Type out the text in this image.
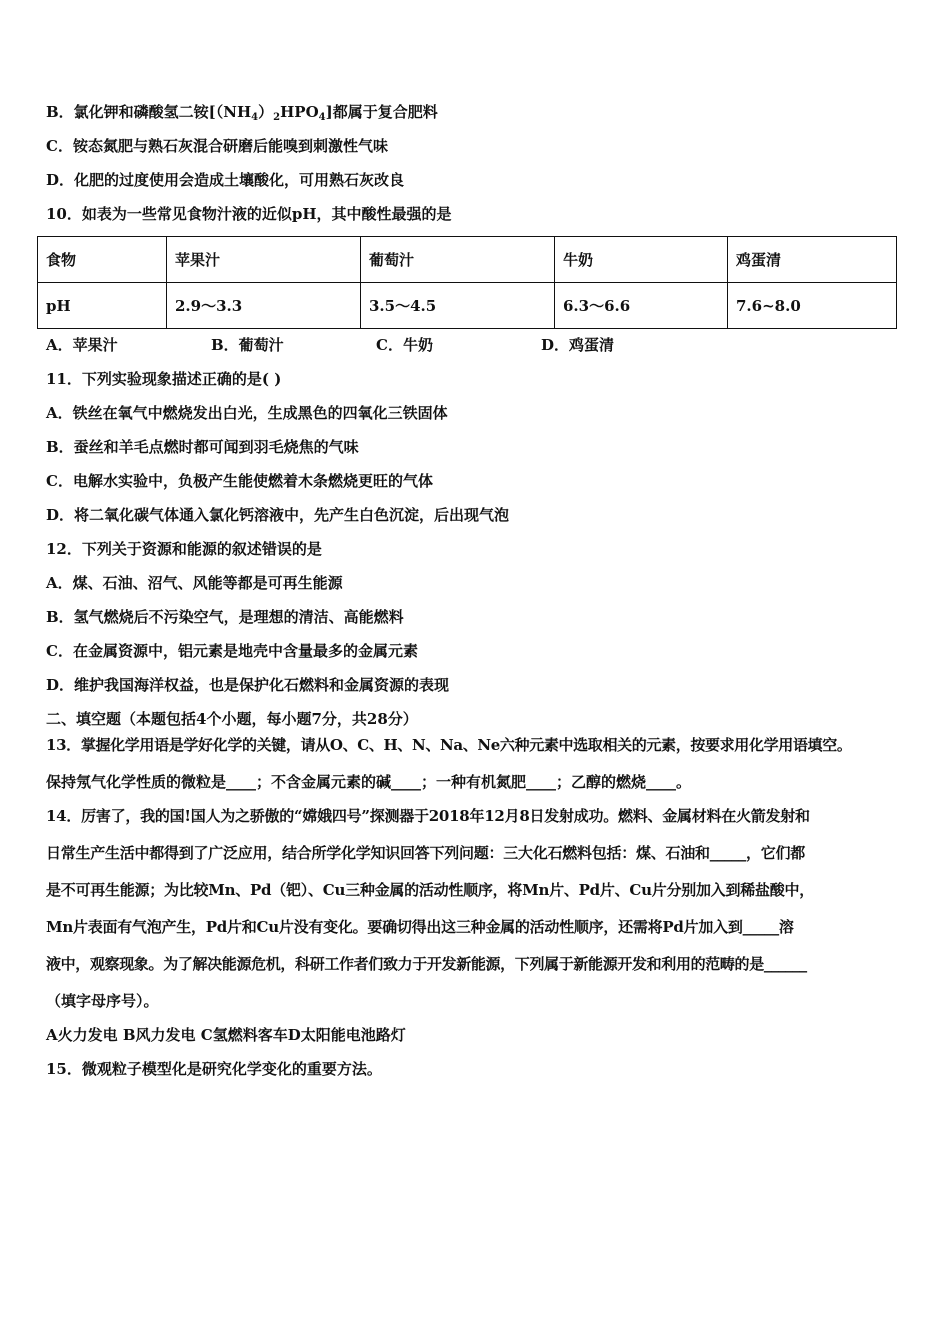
B．氯化钾和磷酸氢二铵$[(NH_4)_2HPO_4]$都属于复合肥料
C．铵态氮肥与熟石灰混合研磨后能嗅到刺激性气味
D．化肥的过度使用会造成土壤酸化，可用熟石灰改良
10．如表为一些常见食物汁液的近似pH，其中酸性最强的是
食物	苹果汁	葡萄汁	牛奶	鸡蛋清
pH	2.9～3.3	3.5～4.5	6.3～6.6	7.6~8.0
A．苹果汁	B．葡萄汁	C．牛奶	D．鸡蛋清
11．下列实验现象描述正确的是( )
A．铁丝在氧气中燃烧发出白光，生成黑色的四氧化三铁固体
B．蚕丝和羊毛点燃时都可闻到羽毛烧焦的气味
C．电解水实验中，负极产生能使燃着木条燃烧更旺的气体
D．将二氧化碳气体通入氯化钙溶液中，先产生白色沉淀，后出现气泡
12．下列关于资源和能源的叙述错误的是
A．煤、石油、沼气、风能等都是可再生能源
B．氢气燃烧后不污染空气，是理想的清洁、高能燃料
C．在金属资源中，铝元素是地壳中含量最多的金属元素
D．维护我国海洋权益，也是保护化石燃料和金属资源的表现
二、填空题（本题包括4个小题，每小题7分，共28分）
13．掌握化学用语是学好化学的关键，请从O、C、H、N、Na、Ne六种元素中选取相关的元素，按要求用化学用语填空。
保持氖气化学性质的微粒是____；不含金属元素的碱____；一种有机氮肥____；乙醇的燃烧____。
14．厉害了，我的国!国人为之骄傲的“嫦娥四号”探测器于2018年12月8日发射成功。燃料、金属材料在火箭发射和
日常生产生活中都得到了广泛应用，结合所学化学知识回答下列问题：三大化石燃料包括：煤、石油和_____，它们都
是不可再生能源；为比较Mn、Pd（钯）、Cu三种金属的活动性顺序，将Mn片、Pd片、Cu片分别加入到稀盐酸中，
Mn片表面有气泡产生，Pd片和Cu片没有变化。要确切得出这三种金属的活动性顺序，还需将Pd片加入到_____溶
液中，观察现象。为了解决能源危机，科研工作者们致力于开发新能源，下列属于新能源开发和利用的范畴的是______
（填字母序号）。
A火力发电 B风力发电 C氢燃料客车D太阳能电池路灯
15．微观粒子模型化是研究化学变化的重要方法。
